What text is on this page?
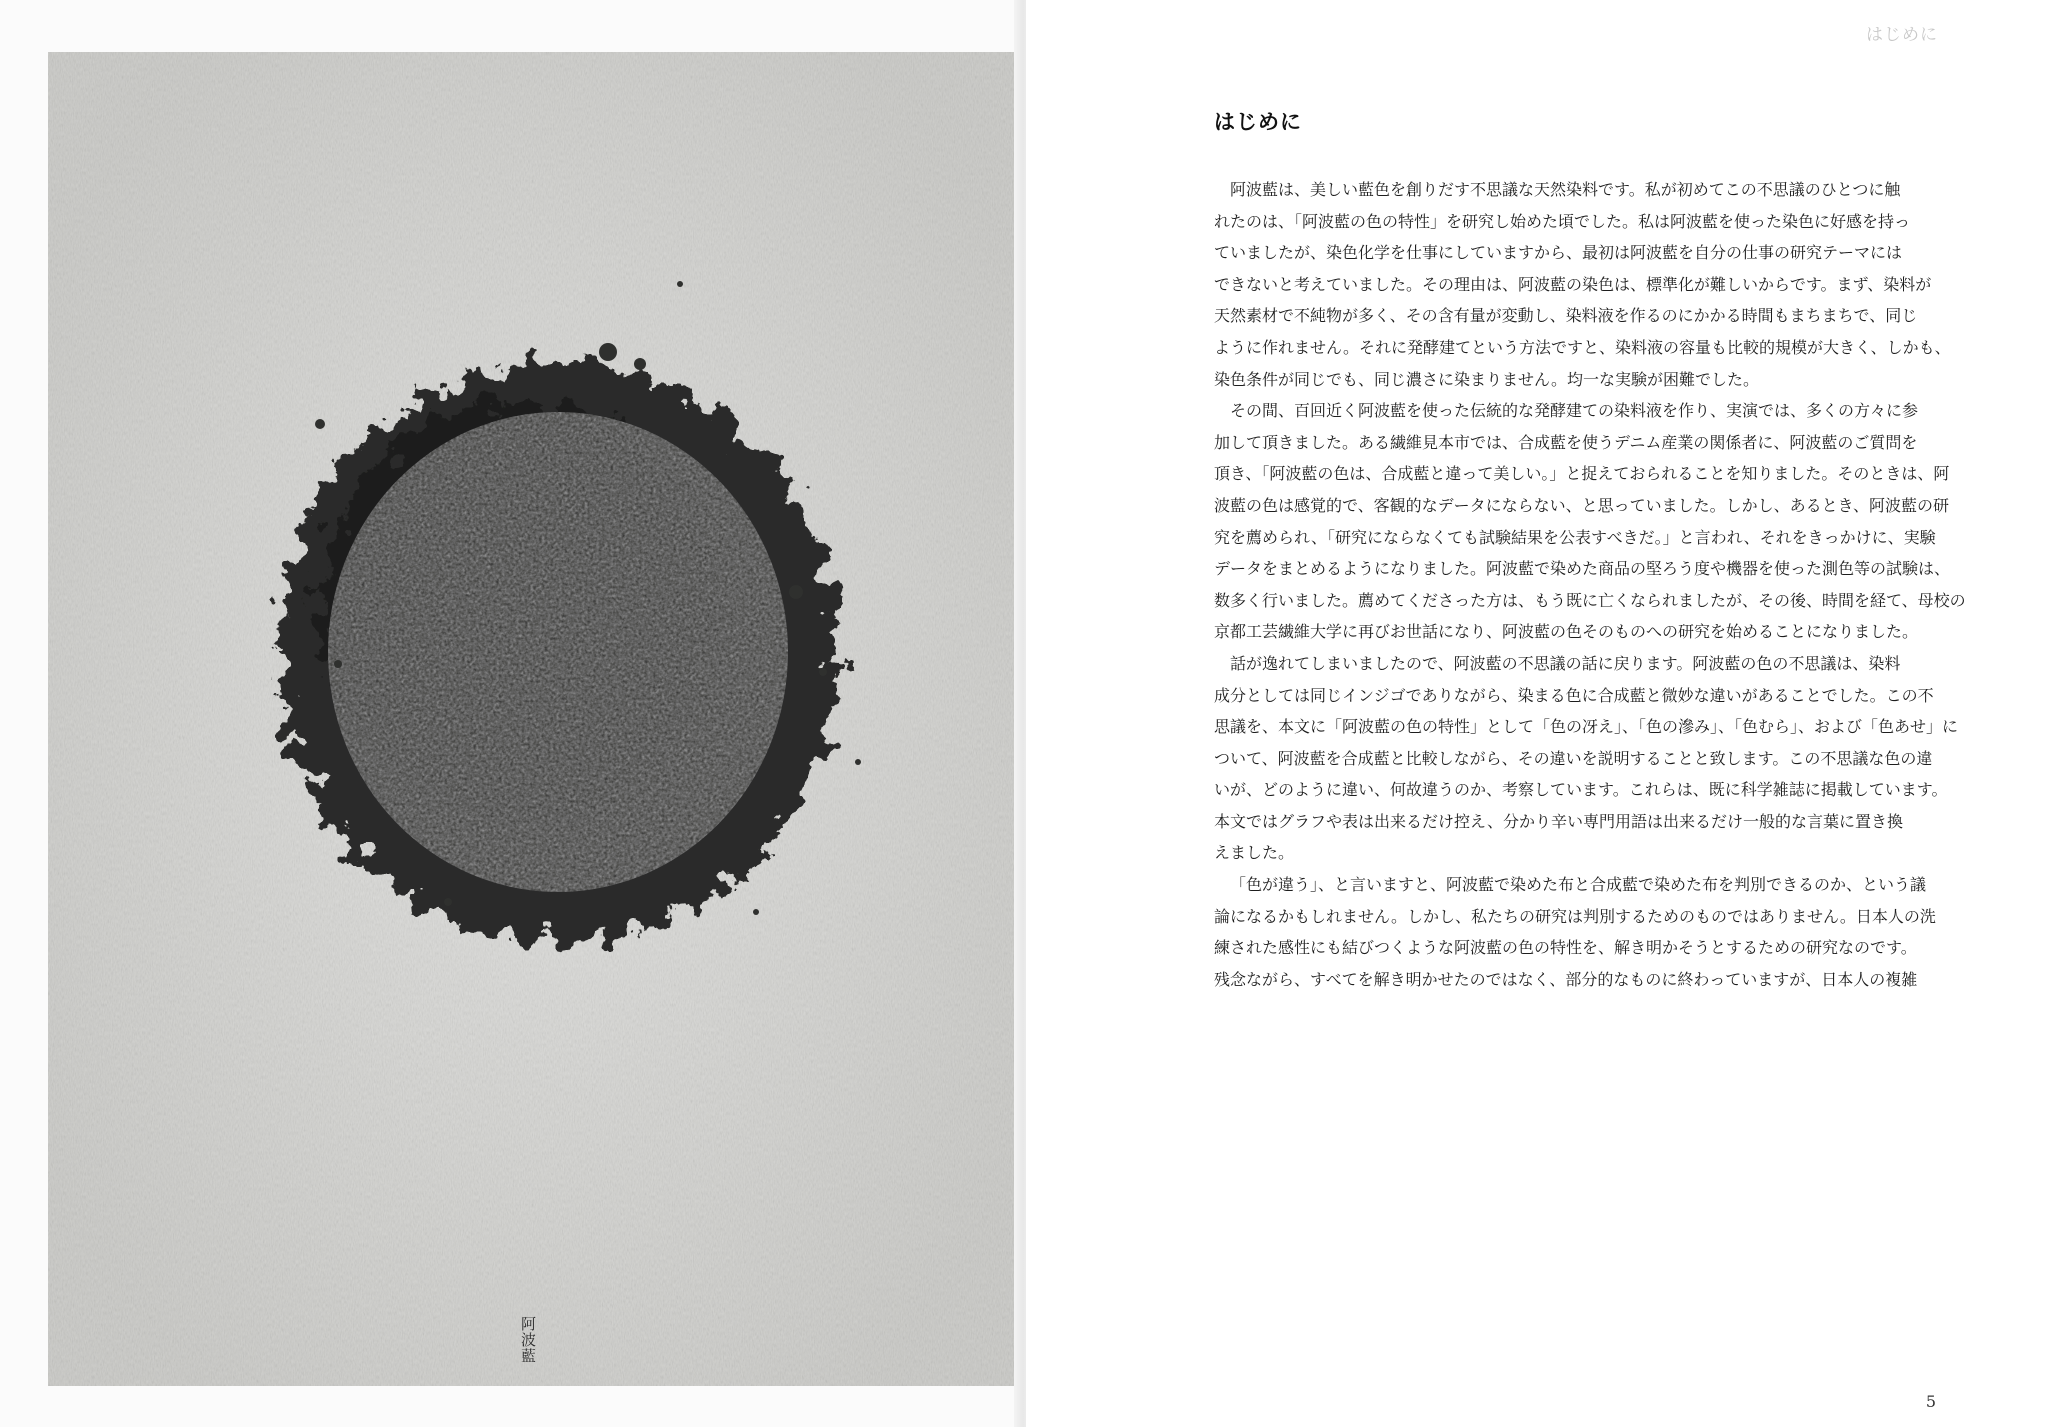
阿波藍
はじめに
はじめに

阿波藍は、美しい藍色を創りだす不思議な天然染料です。私が初めてこの不思議のひとつに触
れたのは、「阿波藍の色の特性」を研究し始めた頃でした。私は阿波藍を使った染色に好感を持っ
ていましたが、染色化学を仕事にしていますから、最初は阿波藍を自分の仕事の研究テーマには
できないと考えていました。その理由は、阿波藍の染色は、標準化が難しいからです。まず、染料が
天然素材で不純物が多く、その含有量が変動し、染料液を作るのにかかる時間もまちまちで、同じ
ように作れません。それに発酵建てという方法ですと、染料液の容量も比較的規模が大きく、しかも、
染色条件が同じでも、同じ濃さに染まりません。均一な実験が困難でした。

その間、百回近く阿波藍を使った伝統的な発酵建ての染料液を作り、実演では、多くの方々に参
加して頂きました。ある繊維見本市では、合成藍を使うデニム産業の関係者に、阿波藍のご質問を
頂き、「阿波藍の色は、合成藍と違って美しい。」と捉えておられることを知りました。そのときは、阿
波藍の色は感覚的で、客観的なデータにならない、と思っていました。しかし、あるとき、阿波藍の研
究を薦められ、「研究にならなくても試験結果を公表すべきだ。」と言われ、それをきっかけに、実験
データをまとめるようになりました。阿波藍で染めた商品の堅ろう度や機器を使った測色等の試験は、
数多く行いました。薦めてくださった方は、もう既に亡くなられましたが、その後、時間を経て、母校の
京都工芸繊維大学に再びお世話になり、阿波藍の色そのものへの研究を始めることになりました。

話が逸れてしまいましたので、阿波藍の不思議の話に戻ります。阿波藍の色の不思議は、染料
成分としては同じインジゴでありながら、染まる色に合成藍と微妙な違いがあることでした。この不
思議を、本文に「阿波藍の色の特性」として「色の冴え」、「色の滲み」、「色むら」、および「色あせ」に
ついて、阿波藍を合成藍と比較しながら、その違いを説明することと致します。この不思議な色の違
いが、どのように違い、何故違うのか、考察しています。これらは、既に科学雑誌に掲載しています。
本文ではグラフや表は出来るだけ控え、分かり辛い専門用語は出来るだけ一般的な言葉に置き換
えました。

「色が違う」、と言いますと、阿波藍で染めた布と合成藍で染めた布を判別できるのか、という議
論になるかもしれません。しかし、私たちの研究は判別するためのものではありません。日本人の洗
練された感性にも結びつくような阿波藍の色の特性を、解き明かそうとするための研究なのです。
残念ながら、すべてを解き明かせたのではなく、部分的なものに終わっていますが、日本人の複雑

5
